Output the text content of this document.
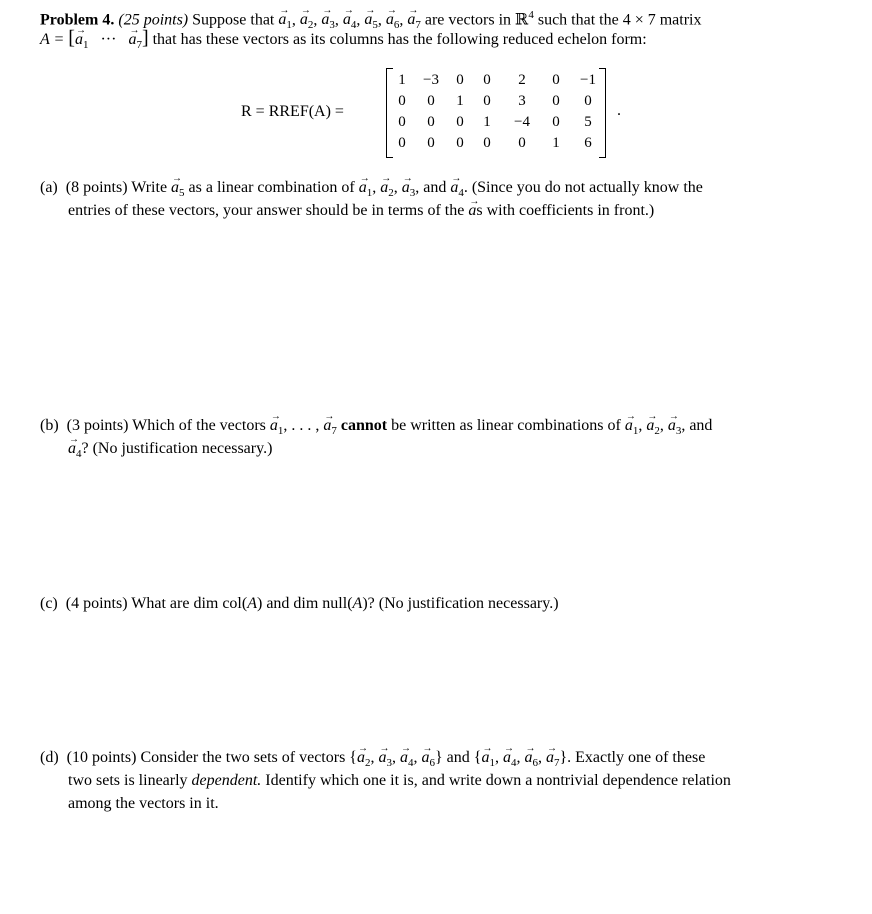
Problem 4. (25 points) Suppose that → $a_1$, → $a_2$, → $a_3$, → $a_4$, → $a_5$, → $a_6$, → $a_7$ are vectors in ℝ$^4$ such that the 4 × 7 matrix
A = [→ $a_1$ ··· → $a_7$] that has these vectors as its columns has the following reduced echelon form:
R = RREF(A) =
1	−3	0	0	2	0	−1
0	0	1	0	3	0	0
0	0	0	1	−4	0	5
0	0	0	0	0	1	6
.
(a) (8 points) Write → $a_5$ as a linear combination of → $a_1$, → $a_2$, → $a_3$, and → $a_4$. (Since you do not actually know the
entries of these vectors, your answer should be in terms of the → as with coefficients in front.)
(b) (3 points) Which of the vectors → $a_1$, . . . , → $a_7$ cannot be written as linear combinations of → $a_1$, → $a_2$, → $a_3$, and
→ $a_4$? (No justification necessary.)
(c) (4 points) What are dim col(A) and dim null(A)? (No justification necessary.)
(d) (10 points) Consider the two sets of vectors {→ $a_2$, → $a_3$, → $a_4$, → $a_6$} and {→ $a_1$, → $a_4$, → $a_6$, → $a_7$}. Exactly one of these
two sets is linearly dependent. Identify which one it is, and write down a nontrivial dependence relation
among the vectors in it.
